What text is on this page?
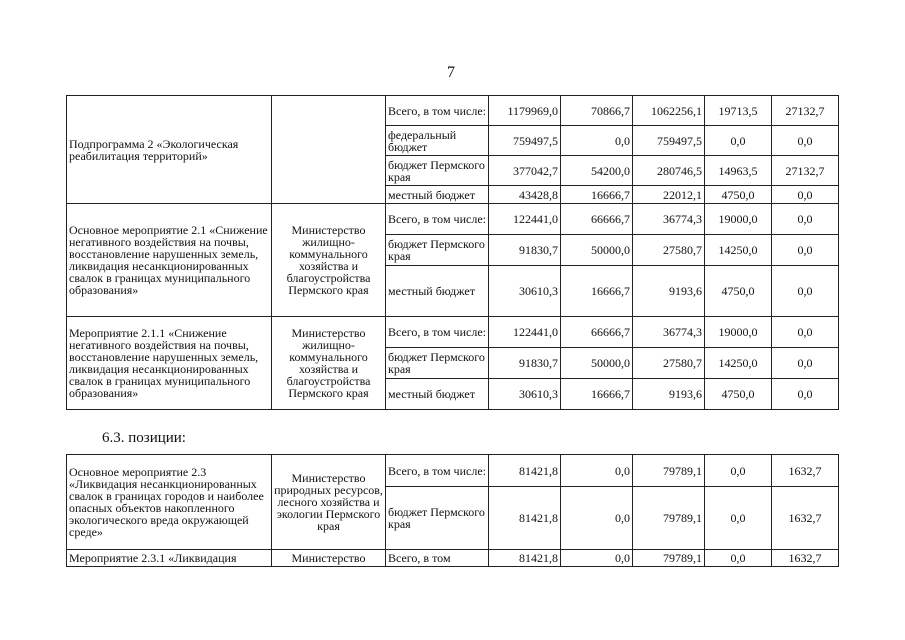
7
Подпрограмма 2 «Экологическая реабилитация территорий»		Всего, в том числе:	1179969,0	70866,7	1062256,1	19713,5	27132,7
		федеральный бюджет	759497,5	0,0	759497,5	0,0	0,0
		бюджет Пермского края	377042,7	54200,0	280746,5	14963,5	27132,7
		местный бюджет	43428,8	16666,7	22012,1	4750,0	0,0
Основное мероприятие 2.1 «Снижение негативного воздействия на почвы, восстановление нарушенных земель, ликвидация несанкционированных свалок в границах муниципального образования»	Министерство жилищно-коммунального хозяйства и благоустройства Пермского края	Всего, в том числе:	122441,0	66666,7	36774,3	19000,0	0,0
		бюджет Пермского края	91830,7	50000,0	27580,7	14250,0	0,0
		местный бюджет	30610,3	16666,7	9193,6	4750,0	0,0
Мероприятие 2.1.1 «Снижение негативного воздействия на почвы, восстановление нарушенных земель, ликвидация несанкционированных свалок в границах муниципального образования»	Министерство жилищно-коммунального хозяйства и благоустройства Пермского края	Всего, в том числе:	122441,0	66666,7	36774,3	19000,0	0,0
		бюджет Пермского края	91830,7	50000,0	27580,7	14250,0	0,0
		местный бюджет	30610,3	16666,7	9193,6	4750,0	0,0
6.3. позиции:
Основное мероприятие 2.3 «Ликвидация несанкционированных свалок в границах городов и наиболее опасных объектов накопленного экологического вреда окружающей среде»	Министерство природных ресурсов, лесного хозяйства и экологии Пермского края	Всего, в том числе:	81421,8	0,0	79789,1	0,0	1632,7
		бюджет Пермского края	81421,8	0,0	79789,1	0,0	1632,7
Мероприятие 2.3.1 «Ликвидация	Министерство	Всего, в том	81421,8	0,0	79789,1	0,0	1632,7
